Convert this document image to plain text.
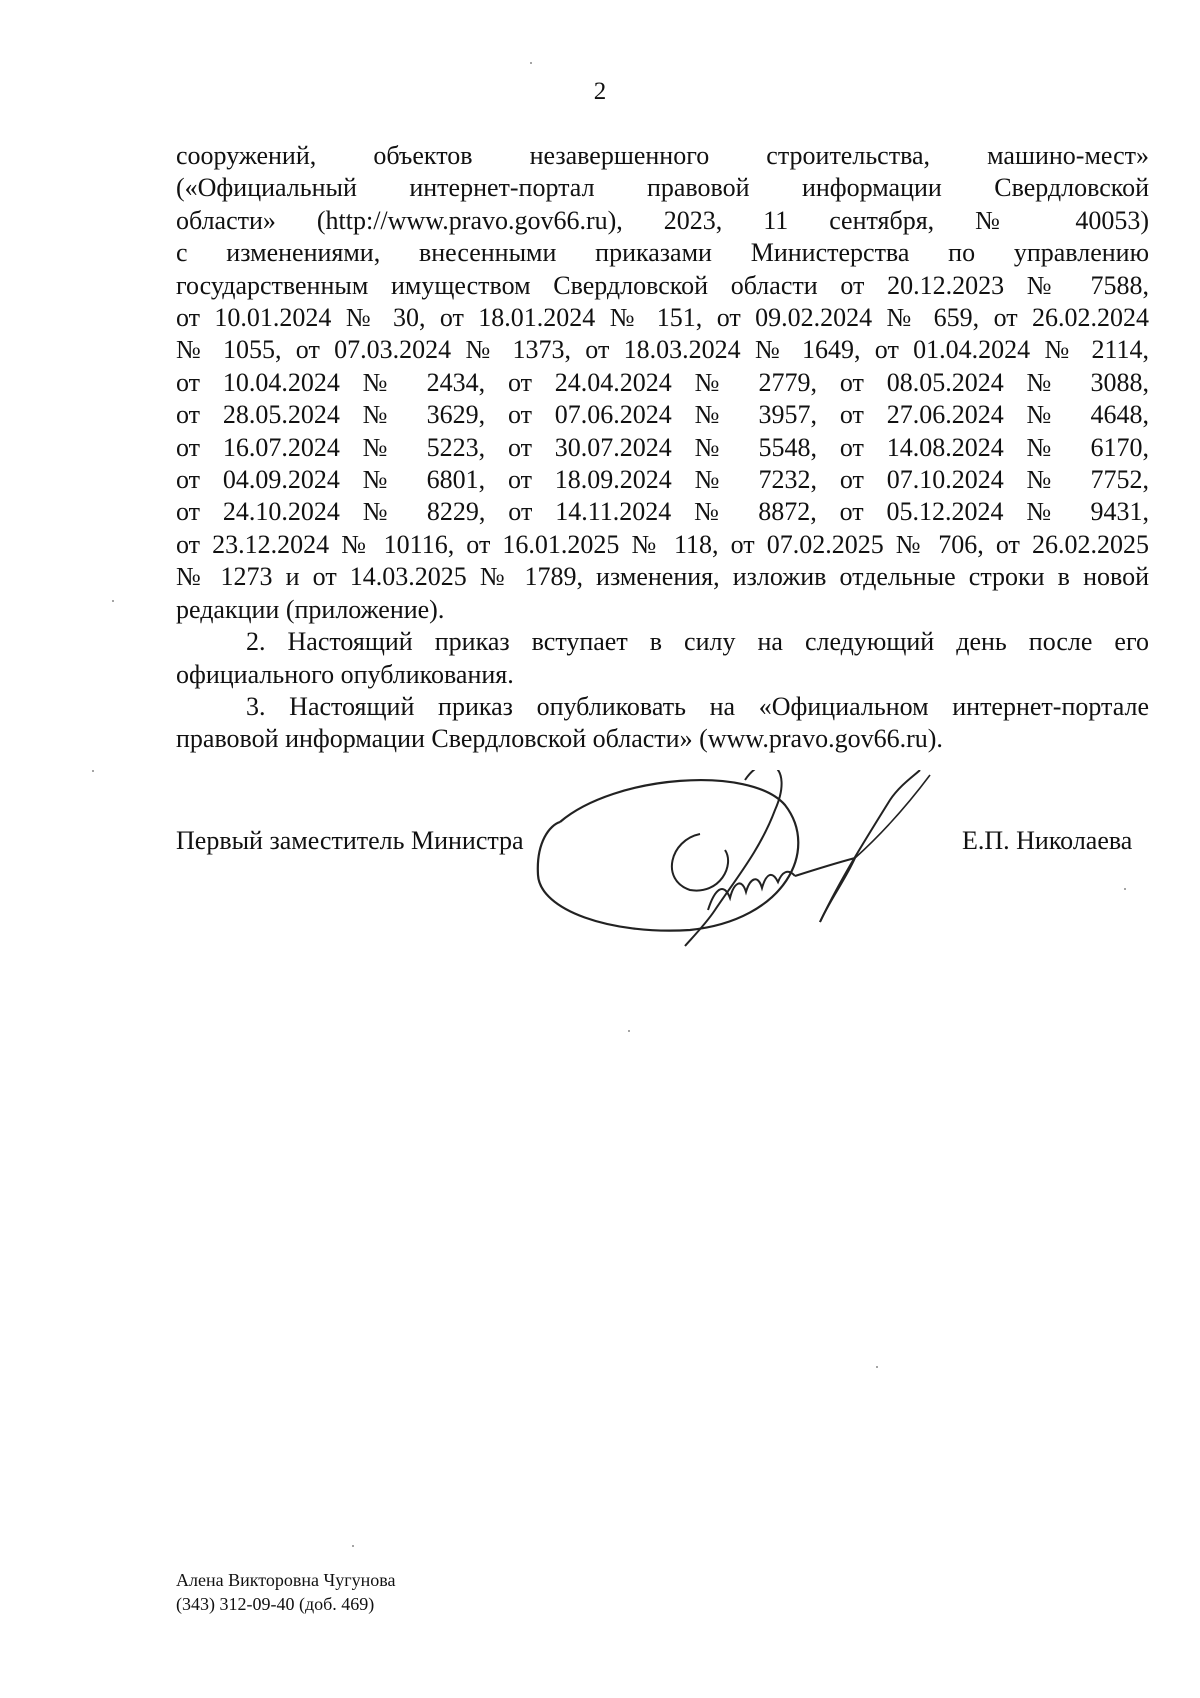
2

сооружений, объектов незавершенного строительства, машино-мест»

(«Официальный интернет-портал правовой информации Свердловской

области» (http://www.pravo.gov66.ru), 2023, 11 сентября, № 40053)

с изменениями, внесенными приказами Министерства по управлению

государственным имуществом Свердловской области от 20.12.2023 № 7588,

от 10.01.2024 № 30, от 18.01.2024 № 151, от 09.02.2024 № 659, от 26.02.2024

№ 1055, от 07.03.2024 № 1373, от 18.03.2024 № 1649, от 01.04.2024 № 2114,

от 10.04.2024 № 2434, от 24.04.2024 № 2779, от 08.05.2024 № 3088,

от 28.05.2024 № 3629, от 07.06.2024 № 3957, от 27.06.2024 № 4648,

от 16.07.2024 № 5223, от 30.07.2024 № 5548, от 14.08.2024 № 6170,

от 04.09.2024 № 6801, от 18.09.2024 № 7232, от 07.10.2024 № 7752,

от 24.10.2024 № 8229, от 14.11.2024 № 8872, от 05.12.2024 № 9431,

от 23.12.2024 № 10116, от 16.01.2025 № 118, от 07.02.2025 № 706, от 26.02.2025

№ 1273 и от 14.03.2025 № 1789, изменения, изложив отдельные строки в новой

редакции (приложение).

2. Настоящий приказ вступает в силу на следующий день после его официального опубликования.

3. Настоящий приказ опубликовать на «Официальном интернет-портале правовой информации Свердловской области» (www.pravo.gov66.ru).

Первый заместитель Министра	Е.П. Николаева
Алена Викторовна Чугунова
(343) 312-09-40 (доб. 469)
